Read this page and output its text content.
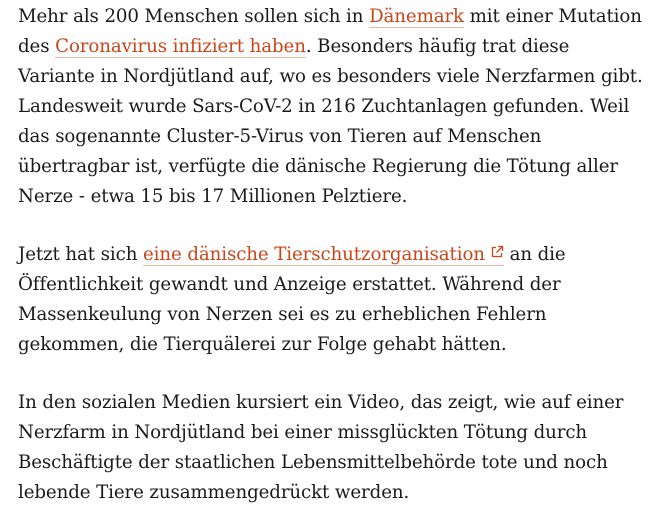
Mehr als 200 Menschen sollen sich in Dänemark mit einer Mutation des Coronavirus infiziert haben. Besonders häufig trat diese Variante in Nordjütland auf, wo es besonders viele Nerzfarmen gibt. Landesweit wurde Sars-CoV-2 in 216 Zuchtanlagen gefunden. Weil das sogenannte Cluster-5-Virus von Tieren auf Menschen übertragbar ist, verfügte die dänische Regierung die Tötung aller Nerze - etwa 15 bis 17 Millionen Pelztiere.

Jetzt hat sich eine dänische Tierschutzorganisation
an die Öffentlichkeit gewandt und Anzeige erstattet. Während der Massenkeulung von Nerzen sei es zu erheblichen Fehlern gekommen, die Tierquälerei zur Folge gehabt hätten.

In den sozialen Medien kursiert ein Video, das zeigt, wie auf einer Nerzfarm in Nordjütland bei einer missglückten Tötung durch Beschäftigte der staatlichen Lebensmittelbehörde tote und noch lebende Tiere zusammengedrückt werden.
